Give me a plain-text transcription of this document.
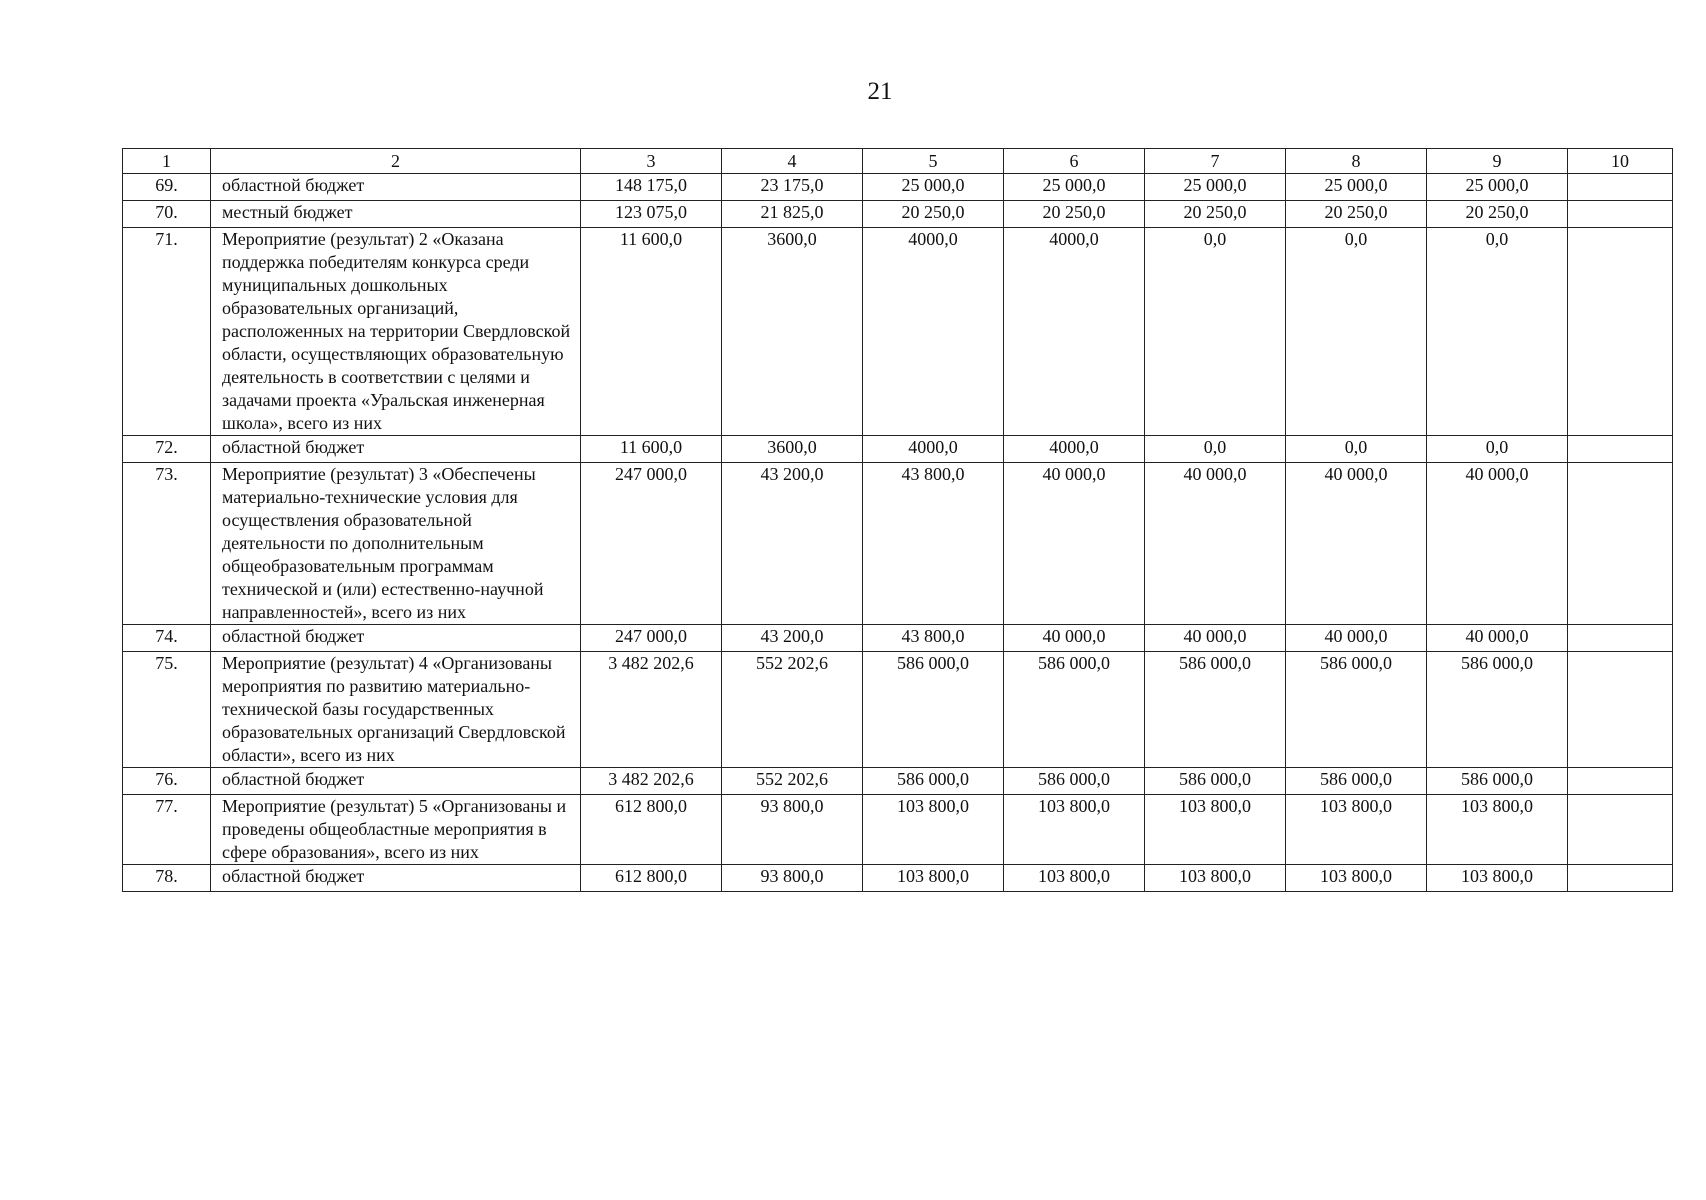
21
1	2	3	4	5	6	7	8	9	10
69.	областной бюджет	148 175,0	23 175,0	25 000,0	25 000,0	25 000,0	25 000,0	25 000,0	
70.	местный бюджет	123 075,0	21 825,0	20 250,0	20 250,0	20 250,0	20 250,0	20 250,0	
71.	Мероприятие (результат) 2 «Оказана поддержка победителям конкурса среди муниципальных дошкольных образовательных организаций, расположенных на территории Свердловской области, осуществляющих образовательную деятельность в соответствии с целями и задачами проекта «Уральская инженерная школа», всего из них	11 600,0	3600,0	4000,0	4000,0	0,0	0,0	0,0	
72.	областной бюджет	11 600,0	3600,0	4000,0	4000,0	0,0	0,0	0,0	
73.	Мероприятие (результат) 3 «Обеспечены материально-технические условия для осуществления образовательной деятельности по дополнительным общеобразовательным программам технической и (или) естественно-научной направленностей», всего из них	247 000,0	43 200,0	43 800,0	40 000,0	40 000,0	40 000,0	40 000,0	
74.	областной бюджет	247 000,0	43 200,0	43 800,0	40 000,0	40 000,0	40 000,0	40 000,0	
75.	Мероприятие (результат) 4 «Организованы мероприятия по развитию материально-технической базы государственных образовательных организаций Свердловской области», всего из них	3 482 202,6	552 202,6	586 000,0	586 000,0	586 000,0	586 000,0	586 000,0	
76.	областной бюджет	3 482 202,6	552 202,6	586 000,0	586 000,0	586 000,0	586 000,0	586 000,0	
77.	Мероприятие (результат) 5 «Организованы и проведены общеобластные мероприятия в сфере образования», всего из них	612 800,0	93 800,0	103 800,0	103 800,0	103 800,0	103 800,0	103 800,0	
78.	областной бюджет	612 800,0	93 800,0	103 800,0	103 800,0	103 800,0	103 800,0	103 800,0	
